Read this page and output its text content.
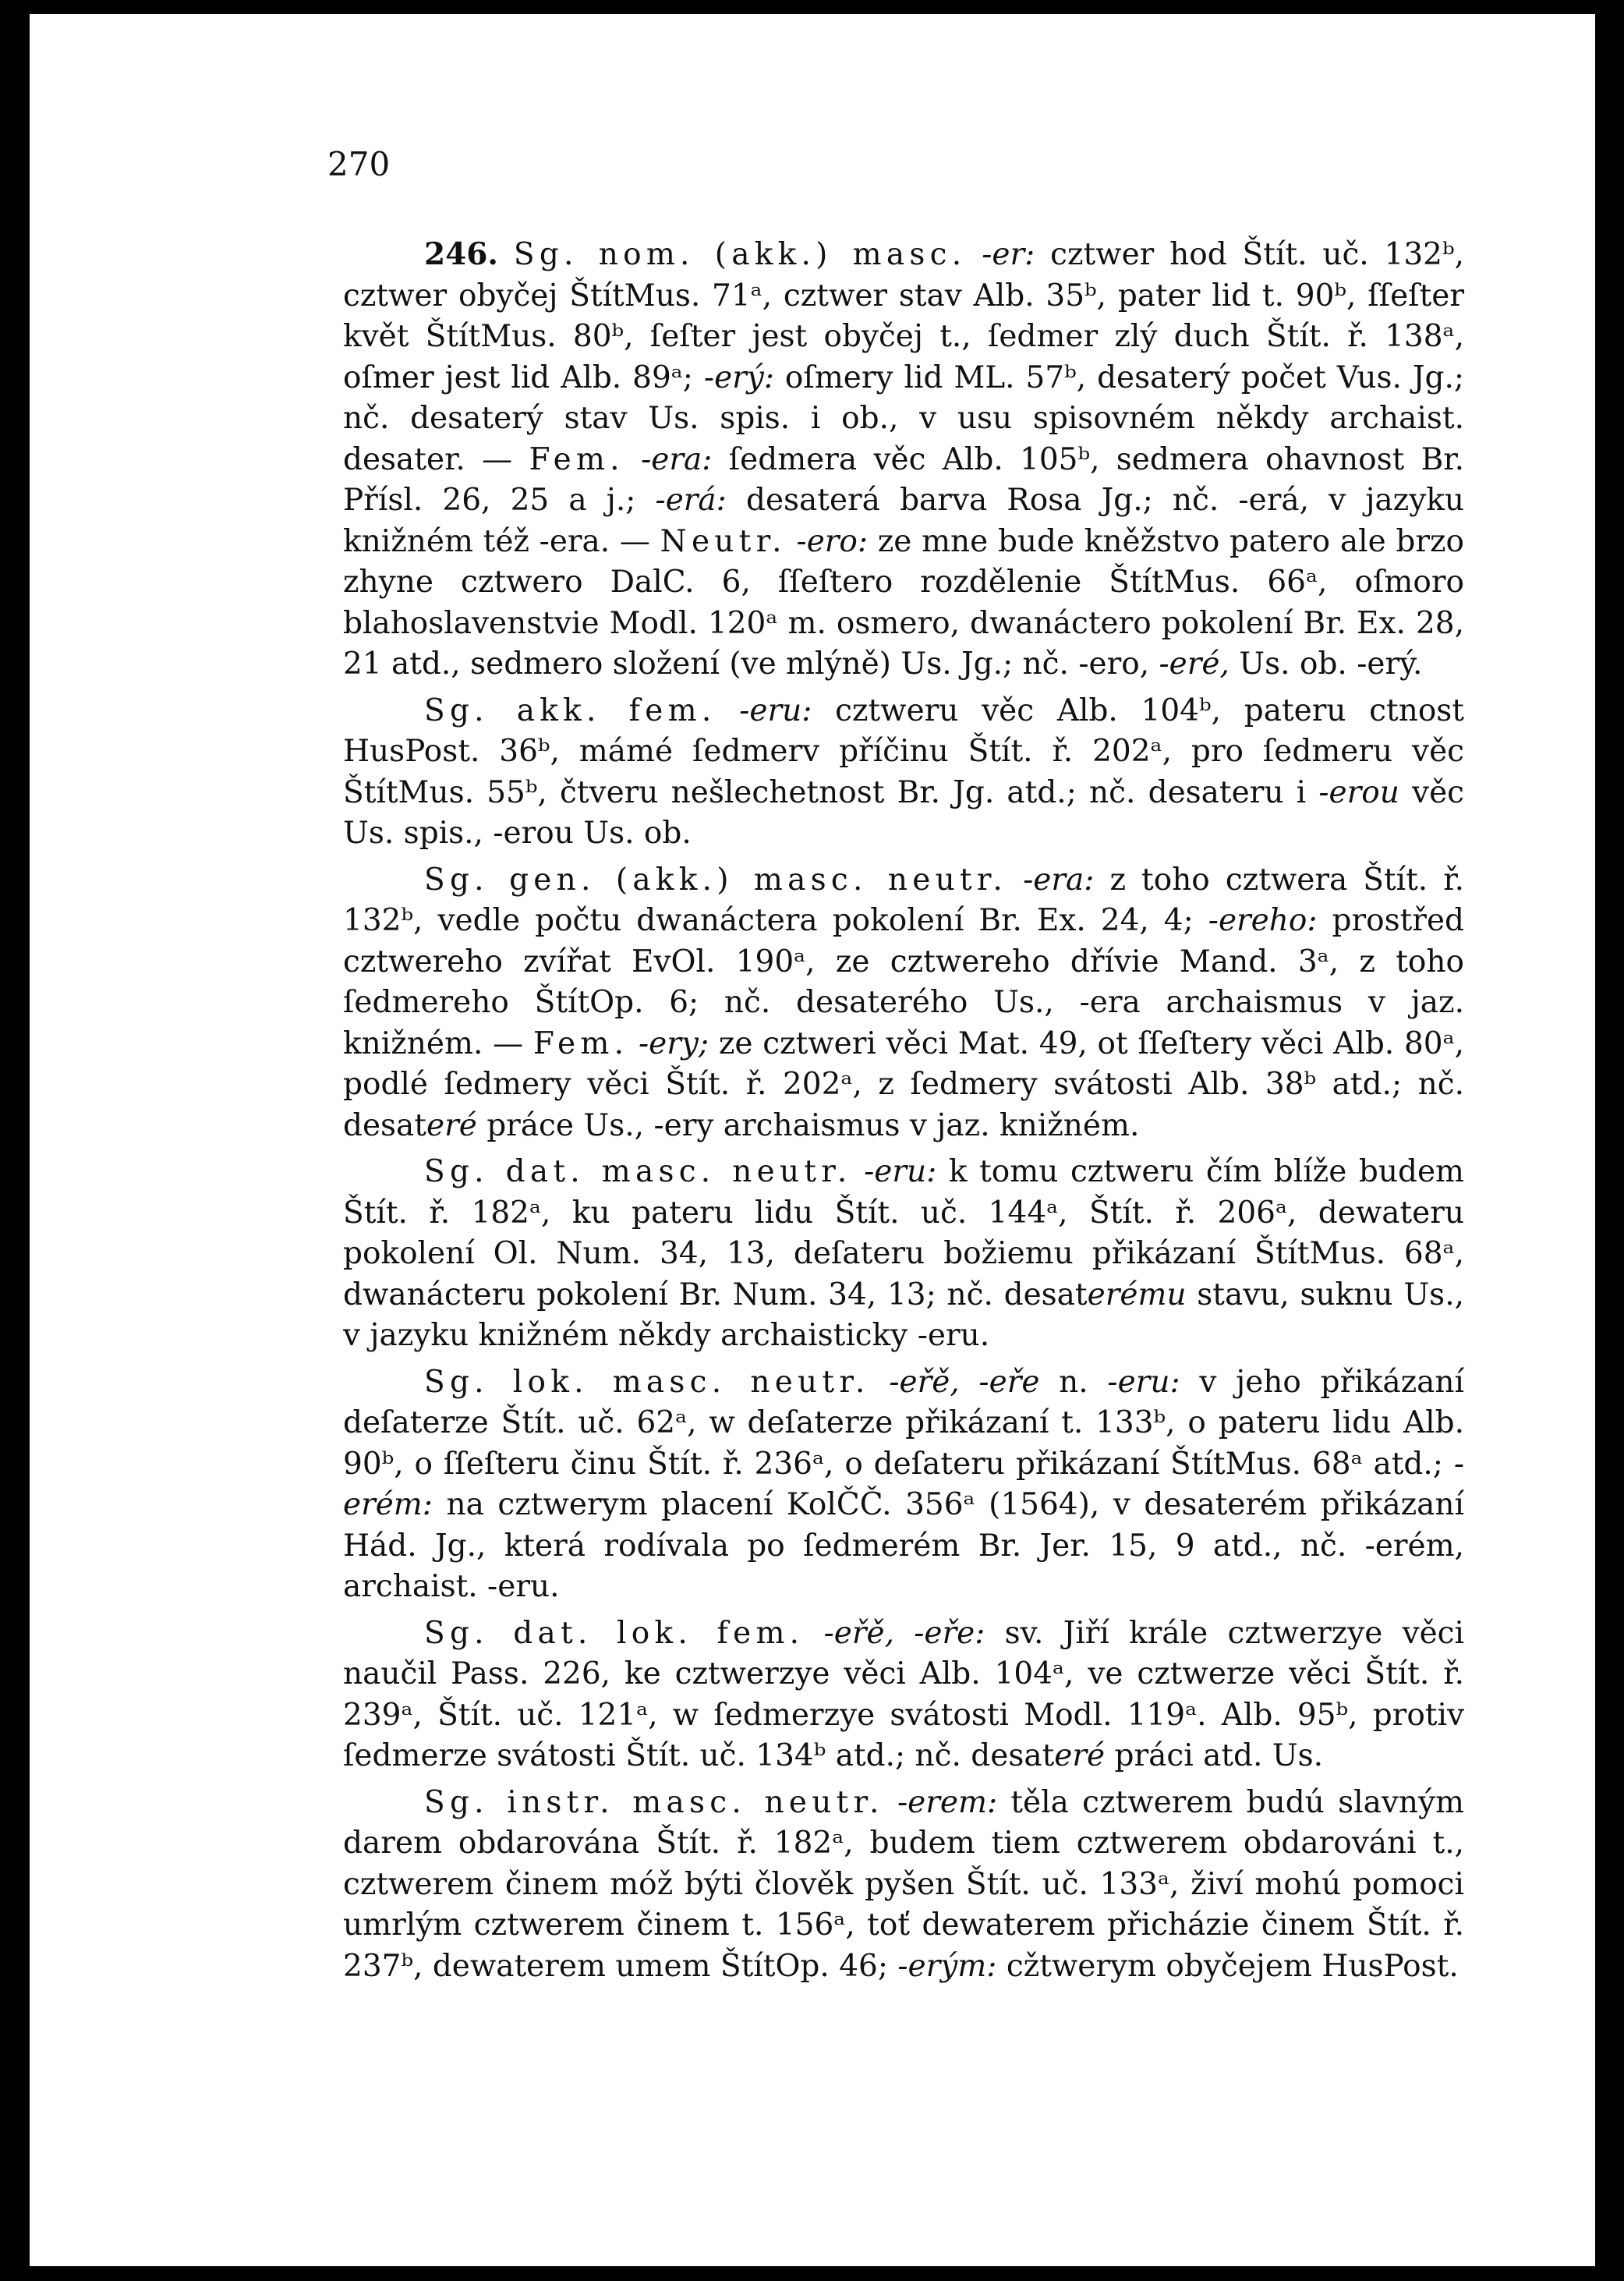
270

246. Sg. nom. (akk.) masc. -er: cztwer hod Štít. uč. 132ᵇ, cztwer obyčej ŠtítMus. 71ᵃ, cztwer stav Alb. 35ᵇ, pater lid t. 90ᵇ, ſſeſter květ ŠtítMus. 80ᵇ, ſeſter jest obyčej t., ſedmer zlý duch Štít. ř. 138ᵃ, oſmer jest lid Alb. 89ᵃ; -erý: oſmery lid ML. 57ᵇ, desaterý počet Vus. Jg.; nč. desaterý stav Us. spis. i ob., v usu spisovném někdy archaist. desater. — Fem. -era: ſedmera věc Alb. 105ᵇ, sedmera ohavnost Br. Přísl. 26, 25 a j.; -erá: desaterá barva Rosa Jg.; nč. -erá, v jazyku knižném též -era. — Neutr. -ero: ze mne bude kněžstvo patero ale brzo zhyne cztwero DalC. 6, ſſeſtero rozdělenie ŠtítMus. 66ᵃ, oſmoro blahoslavenstvie Modl. 120ᵃ m. osmero, dwanáctero pokolení Br. Ex. 28, 21 atd., sedmero složení (ve mlýně) Us. Jg.; nč. -ero, -eré, Us. ob. -erý.

Sg. akk. fem. -eru: cztweru věc Alb. 104ᵇ, pateru ctnost HusPost. 36ᵇ, mámé ſedmerv příčinu Štít. ř. 202ᵃ, pro ſedmeru věc ŠtítMus. 55ᵇ, čtveru nešlechetnost Br. Jg. atd.; nč. desateru i -erou věc Us. spis., -erou Us. ob.

Sg. gen. (akk.) masc. neutr. -era: z toho cztwera Štít. ř. 132ᵇ, vedle počtu dwanáctera pokolení Br. Ex. 24, 4; -ereho: prostřed cztwereho zvířat EvOl. 190ᵃ, ze cztwereho dřívie Mand. 3ᵃ, z toho ſedmereho ŠtítOp. 6; nč. desaterého Us., -era archaismus v jaz. knižném. — Fem. -ery; ze cztweri věci Mat. 49, ot ſſeſtery věci Alb. 80ᵃ, podlé ſedmery věci Štít. ř. 202ᵃ, z ſedmery svátosti Alb. 38ᵇ atd.; nč. desateré práce Us., -ery archaismus v jaz. knižném.

Sg. dat. masc. neutr. -eru: k tomu cztweru čím blíže budem Štít. ř. 182ᵃ, ku pateru lidu Štít. uč. 144ᵃ, Štít. ř. 206ᵃ, dewateru pokolení Ol. Num. 34, 13, deſateru božiemu přikázaní ŠtítMus. 68ᵃ, dwanácteru pokolení Br. Num. 34, 13; nč. desaterému stavu, suknu Us., v jazyku knižném někdy archaisticky -eru.

Sg. lok. masc. neutr. -eřě, -eře n. -eru: v jeho přikázaní deſaterze Štít. uč. 62ᵃ, w deſaterze přikázaní t. 133ᵇ, o pateru lidu Alb. 90ᵇ, o ſſeſteru činu Štít. ř. 236ᵃ, o deſateru přikázaní ŠtítMus. 68ᵃ atd.; -erém: na cztwerym placení KolČČ. 356ᵃ (1564), v desaterém přikázaní Hád. Jg., která rodívala po ſedmerém Br. Jer. 15, 9 atd., nč. -erém, archaist. -eru.

Sg. dat. lok. fem. -eřě, -eře: sv. Jiří krále cztwerzye věci naučil Pass. 226, ke cztwerzye věci Alb. 104ᵃ, ve cztwerze věci Štít. ř. 239ᵃ, Štít. uč. 121ᵃ, w ſedmerzye svátosti Modl. 119ᵃ. Alb. 95ᵇ, protiv ſedmerze svátosti Štít. uč. 134ᵇ atd.; nč. desateré práci atd. Us.

Sg. instr. masc. neutr. -erem: těla cztwerem budú slavným darem obdarována Štít. ř. 182ᵃ, budem tiem cztwerem obdarováni t., cztwerem činem móž býti člověk pyšen Štít. uč. 133ᵃ, živí mohú pomoci umrlým cztwerem činem t. 156ᵃ, toť dewaterem přicházie činem Štít. ř. 237ᵇ, dewaterem umem ŠtítOp. 46; -erým: cžtwerym obyčejem HusPost.
